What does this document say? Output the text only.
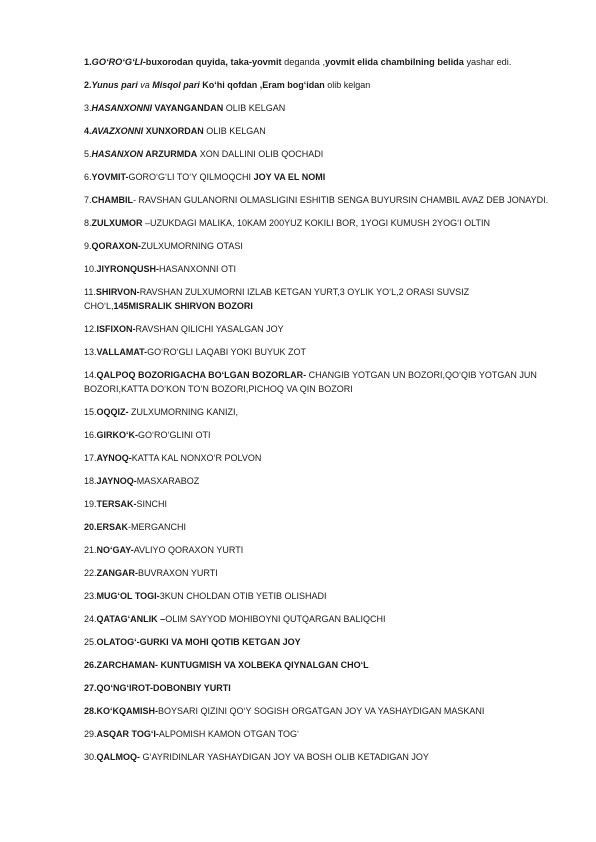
1.GO‘RO‘G‘LI-buxorodan quyida, taka-yovmit deganda ,yovmit elida chambilning belida yashar edi.

2.Yunus pari va Misqol pari Ko‘hi qofdan ,Eram bog‘idan olib kelgan

3.HASANXONNI VAYANGANDAN OLIB KELGAN

4.AVAZXONNI XUNXORDAN OLIB KELGAN

5.HASANXON ARZURMDA XON DALLINI OLIB QOCHADI

6.YOVMIT-GORO‘G‘LI TO‘Y QILMOQCHI JOY VA EL NOMI

7.CHAMBIL- RAVSHAN GULANORNI OLMASLIGINI ESHITIB SENGA BUYURSIN CHAMBIL AVAZ DEB JONAYDI.

8.ZULXUMOR –UZUKDAGI MALIKA, 10KAM 200YUZ KOKILI BOR, 1YOGI KUMUSH 2YOG‘I OLTIN

9.QORAXON-ZULXUMORNING OTASI

10.JIYRONQUSH-HASANXONNI OTI

11.SHIRVON-RAVSHAN ZULXUMORNI IZLAB KETGAN YURT,3 OYLIK YO‘L,2 ORASI SUVSIZ CHO‘L,145MISRALIK SHIRVON BOZORI

12.ISFIXON-RAVSHAN QILICHI YASALGAN JOY

13.VALLAMAT-GO‘RO‘GLI LAQABI YOKI BUYUK ZOT

14.QALPOQ BOZORIGACHA BO‘LGAN BOZORLAR- CHANGIB YOTGAN UN BOZORI,QO‘QIB YOTGAN JUN BOZORI,KATTA DO‘KON TO‘N BOZORI,PICHOQ VA QIN BOZORI

15.OQQIZ- ZULXUMORNING KANIZI,

16.GIRKO‘K-GO‘RO‘GLINI OTI

17.AYNOQ-KATTA KAL NONXO‘R POLVON

18.JAYNOQ-MASXARABOZ

19.TERSAK-SINCHI

20.ERSAK-MERGANCHI

21.NO‘GAY-AVLIYO QORAXON YURTI

22.ZANGAR-BUVRAXON YURTI

23.MUG‘OL TOGI-3KUN CHOLDAN OTIB YETIB OLISHADI

24.QATAG‘ANLIK –OLIM SAYYOD MOHIBOYNI QUTQARGAN BALIQCHI

25.OLATOG‘-GURKI VA MOHI QOTIB KETGAN JOY

26.ZARCHAMAN- KUNTUGMISH VA XOLBEKA QIYNALGAN CHO‘L

27.QO‘NG‘IROT-DOBONBIY YURTI

28.KO‘KQAMISH-BOYSARI QIZINI QO‘Y SOGISH ORGATGAN JOY VA YASHAYDIGAN MASKANI

29.ASQAR TOG‘I-ALPOMISH KAMON OTGAN TOG‘

30.QALMOQ- G‘AYRIDINLAR YASHAYDIGAN JOY VA BOSH OLIB KETADIGAN JOY
